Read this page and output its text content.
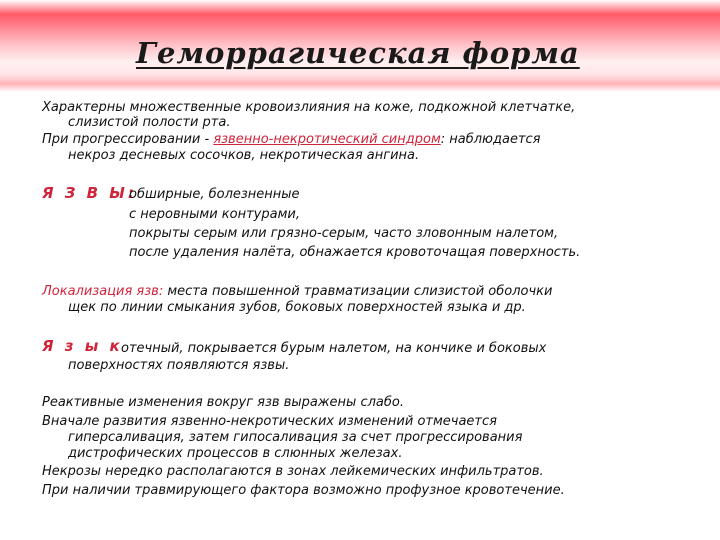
Геморрагическая форма
Характерны множественные кровоизлияния на коже, подкожной клетчатке,
слизистой полости рта.
При прогрессировании - язвенно-некротический синдром: наблюдается
некроз десневых сосочков, некротическая ангина.
Я З В Ы:
обширные, болезненные
с неровными контурами,
покрыты серым или грязно-серым, часто зловонным налетом,
после удаления налёта, обнажается кровоточащая поверхность.
Локализация язв: места повышенной травматизации слизистой оболочки
щек по линии смыкания зубов, боковых поверхностей языка и др.
Я з ы к
отечный, покрывается бурым налетом, на кончике и боковых
поверхностях появляются язвы.
Реактивные изменения вокруг язв выражены слабо.
Вначале развития язвенно-некротических изменений отмечается
гиперсаливация, затем гипосаливация за счет прогрессирования
дистрофических процессов в слюнных железах.
Некрозы нередко располагаются в зонах лейкемических инфильтратов.
При наличии травмирующего фактора возможно профузное кровотечение.
